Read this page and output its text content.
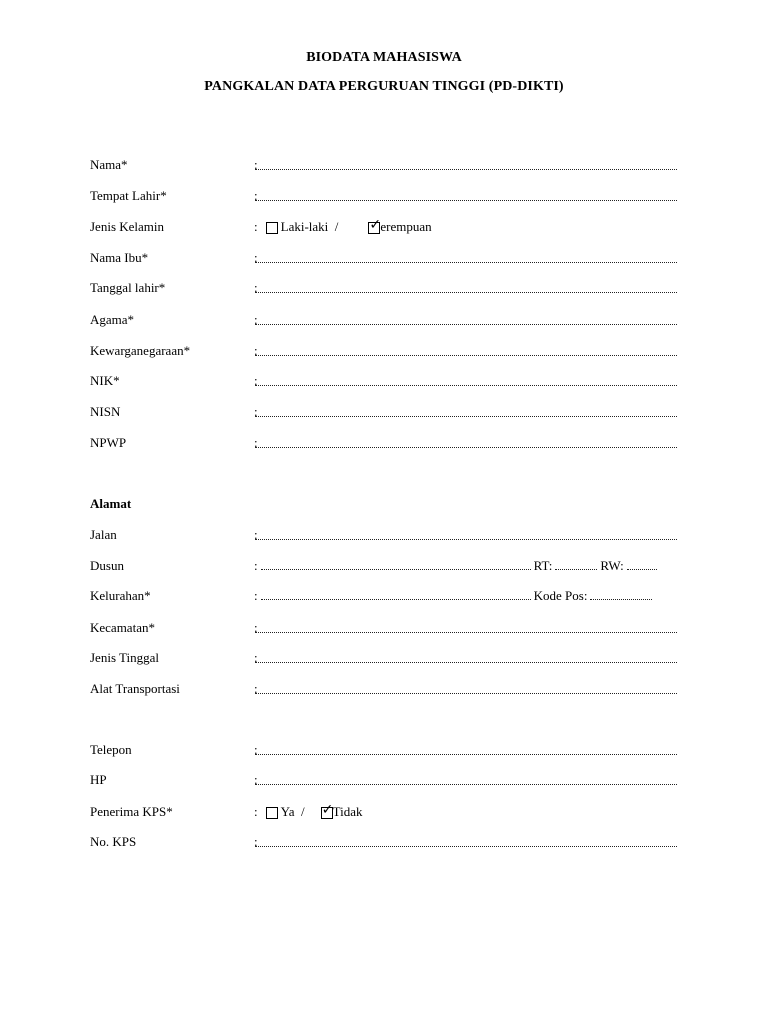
BIODATA MAHASISWA
PANGKALAN DATA PERGURUAN TINGGI (PD-DIKTI)
Nama*	:
Tempat Lahir*	:
Jenis Kelamin	: Laki-laki / ✓ erempuan
Nama Ibu*	:
Tanggal lahir*	:
Agama*	:
Kewarganegaraan*	:
NIK*	:
NISN	:
NPWP	:
Alamat
Jalan	:
Dusun	:	RT:	RW:
Kelurahan*	:	Kode Pos:
Kecamatan*	:
Jenis Tinggal	:
Alat Transportasi	:
Telepon	:
HP	:
Penerima KPS*	: Ya / ✓ Tidak
No. KPS	:
